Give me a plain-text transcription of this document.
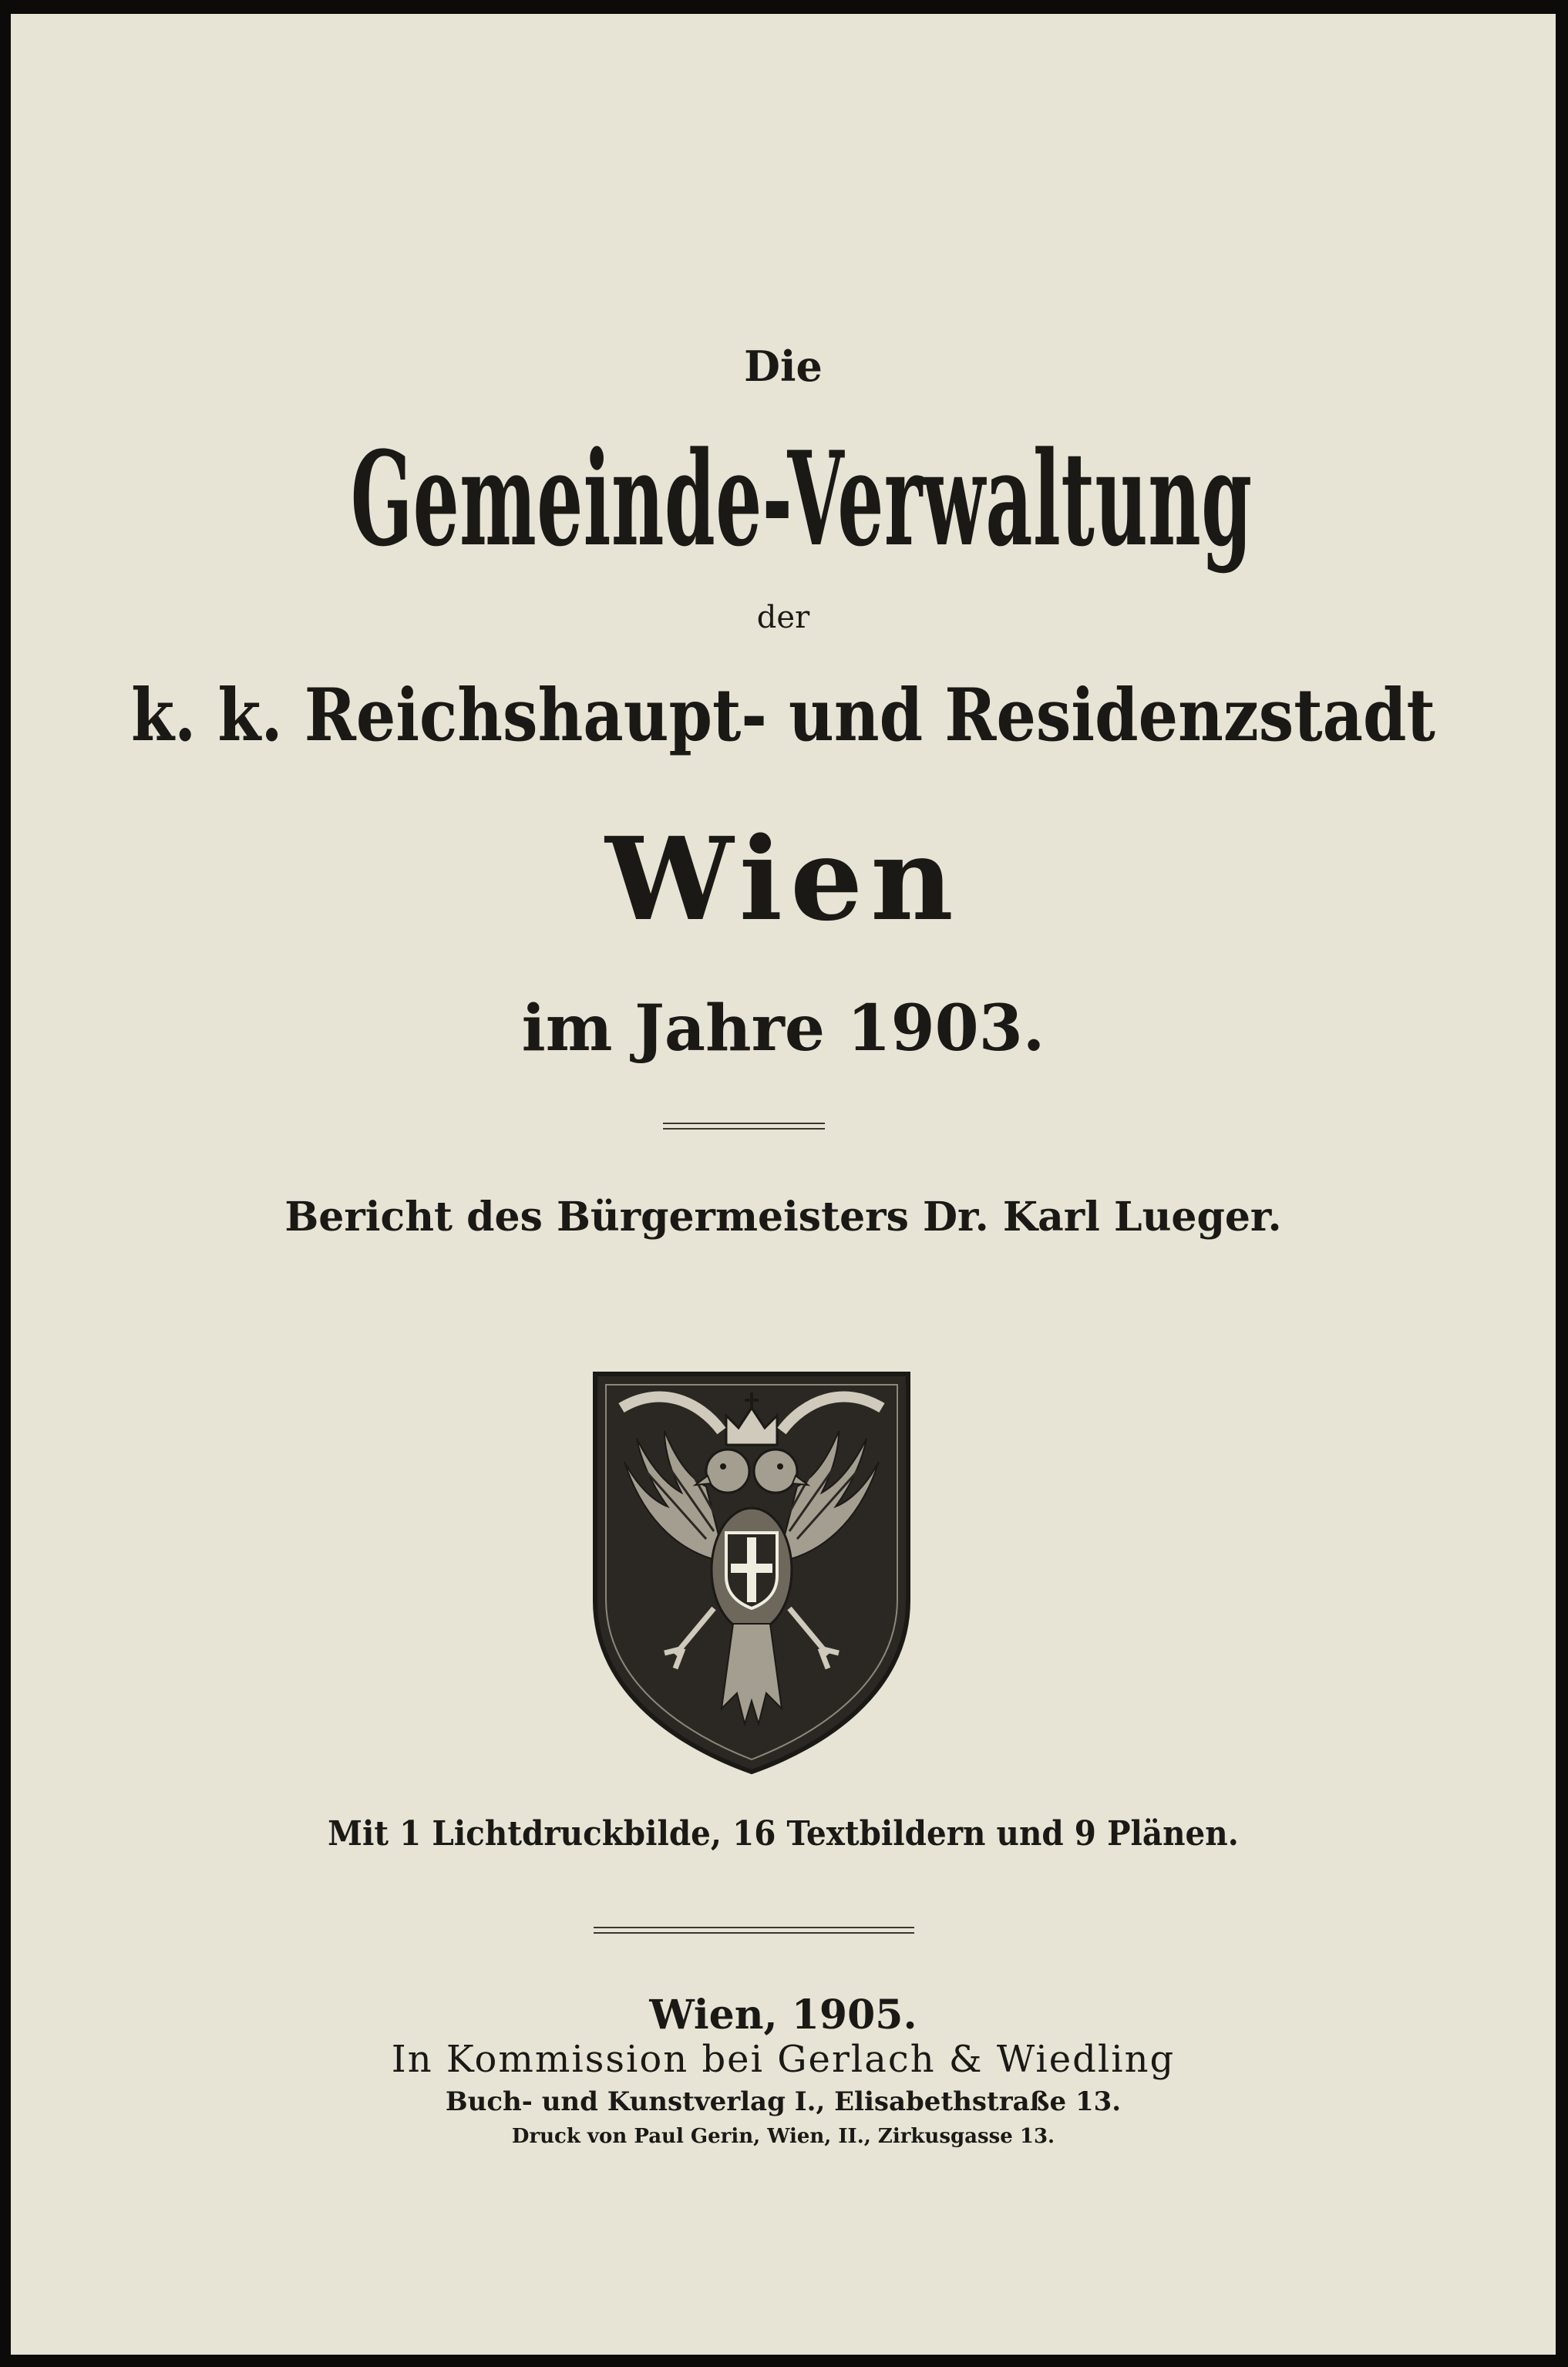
Die
Gemeinde-Verwaltung
der
k. k. Reichshaupt- und Residenzstadt
Wien
im Jahre 1903.
Bericht des Bürgermeisters Dr. Karl Lueger.
Mit 1 Lichtdruckbilde, 16 Textbildern und 9 Plänen.
Wien, 1905.
In Kommission bei Gerlach & Wiedling
Buch- und Kunstverlag I., Elisabethstraße 13.
Druck von Paul Gerin, Wien, II., Zirkusgasse 13.
